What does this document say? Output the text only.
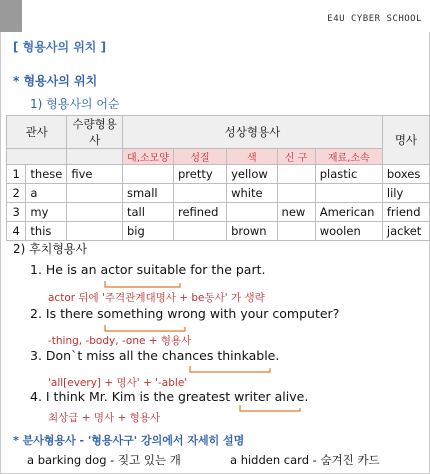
E4U CYBER SCHOOL
[ 형용사의 위치 ]
* 형용사의 위치
1) 형용사의 어순
관사		수량형용사	성상형용사					명사
			대,소모양	성질	색	신 구	재료,소속	
1	these	five		pretty	yellow		plastic	boxes
2	a		small		white			lily
3	my		tall	refined		new	American	friend
4	this		big		brown		woolen	jacket
2) 후치형용사
1. He is an actor suitable for the part.
actor 뒤에 '주격관계대명사 + be동사' 가 생략
2. Is there something wrong with your computer?
-thing, -body, -one + 형용사
3. Don`t miss all the chances thinkable.
'all[every] + 명사' + '-able'
4. I think Mr. Kim is the greatest writer alive.
최상급 + 명사 + 형용사
* 분사형용사 - '형용사구' 강의에서 자세히 설명
a barking dog - 짖고 있는 개	a hidden card - 숨겨진 카드
